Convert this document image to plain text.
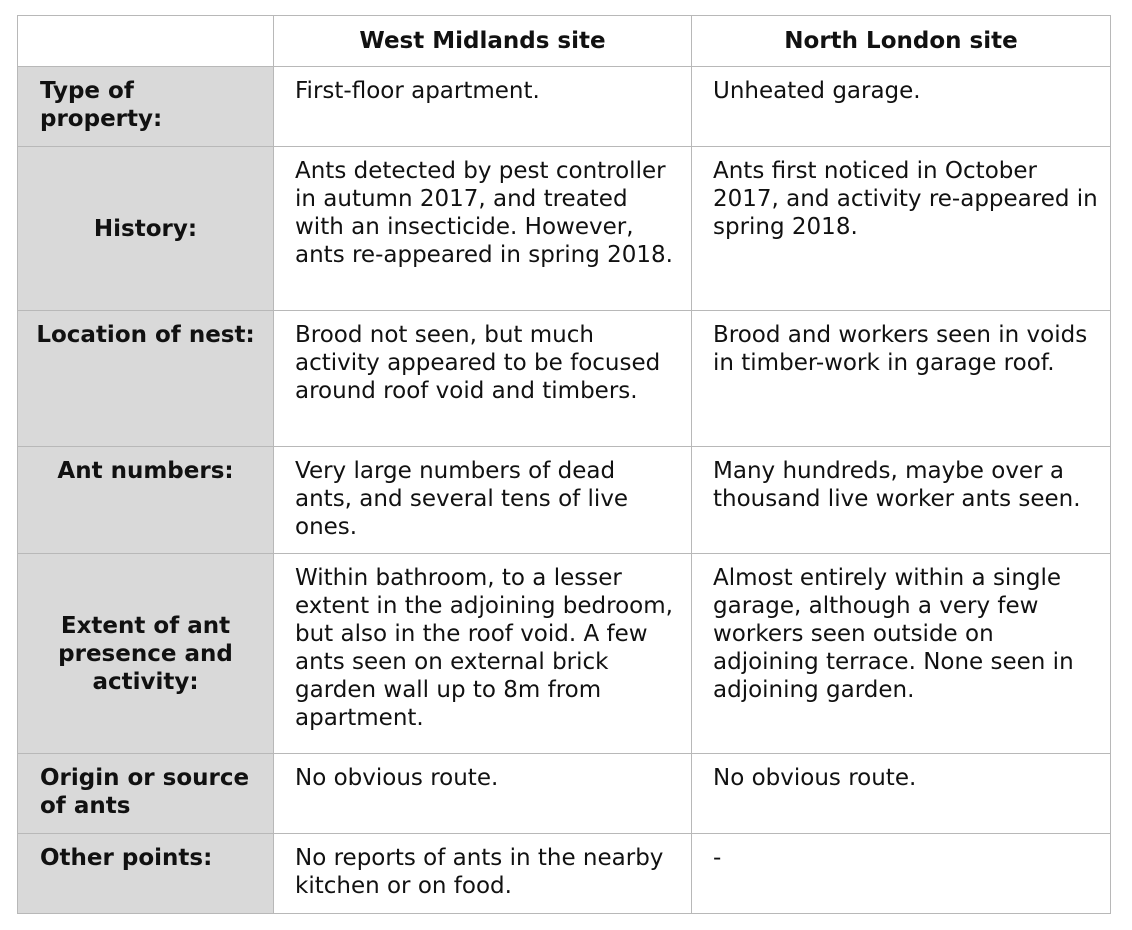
	West Midlands site	North London site

Type of property:	First-floor apartment.	Unheated garage.
History:	Ants detected by pest controller in autumn 2017, and treated with an insecticide. However, ants re-appeared in spring 2018.	Ants first noticed in October 2017, and activity re-appeared in spring 2018.
Location of nest:	Brood not seen, but much activity appeared to be focused around roof void and timbers.	Brood and workers seen in voids in timber-work in garage roof.
Ant numbers:	Very large numbers of dead ants, and several tens of live ones.	Many hundreds, maybe over a thousand live worker ants seen.
Extent of ant presence and activity:	Within bathroom, to a lesser extent in the adjoining bedroom, but also in the roof void. A few ants seen on external brick garden wall up to 8m from apartment.	Almost entirely within a single garage, although a very few workers seen outside on adjoining terrace. None seen in adjoining garden.
Origin or source of ants	No obvious route.	No obvious route.
Other points:	No reports of ants in the nearby kitchen or on food.	-
